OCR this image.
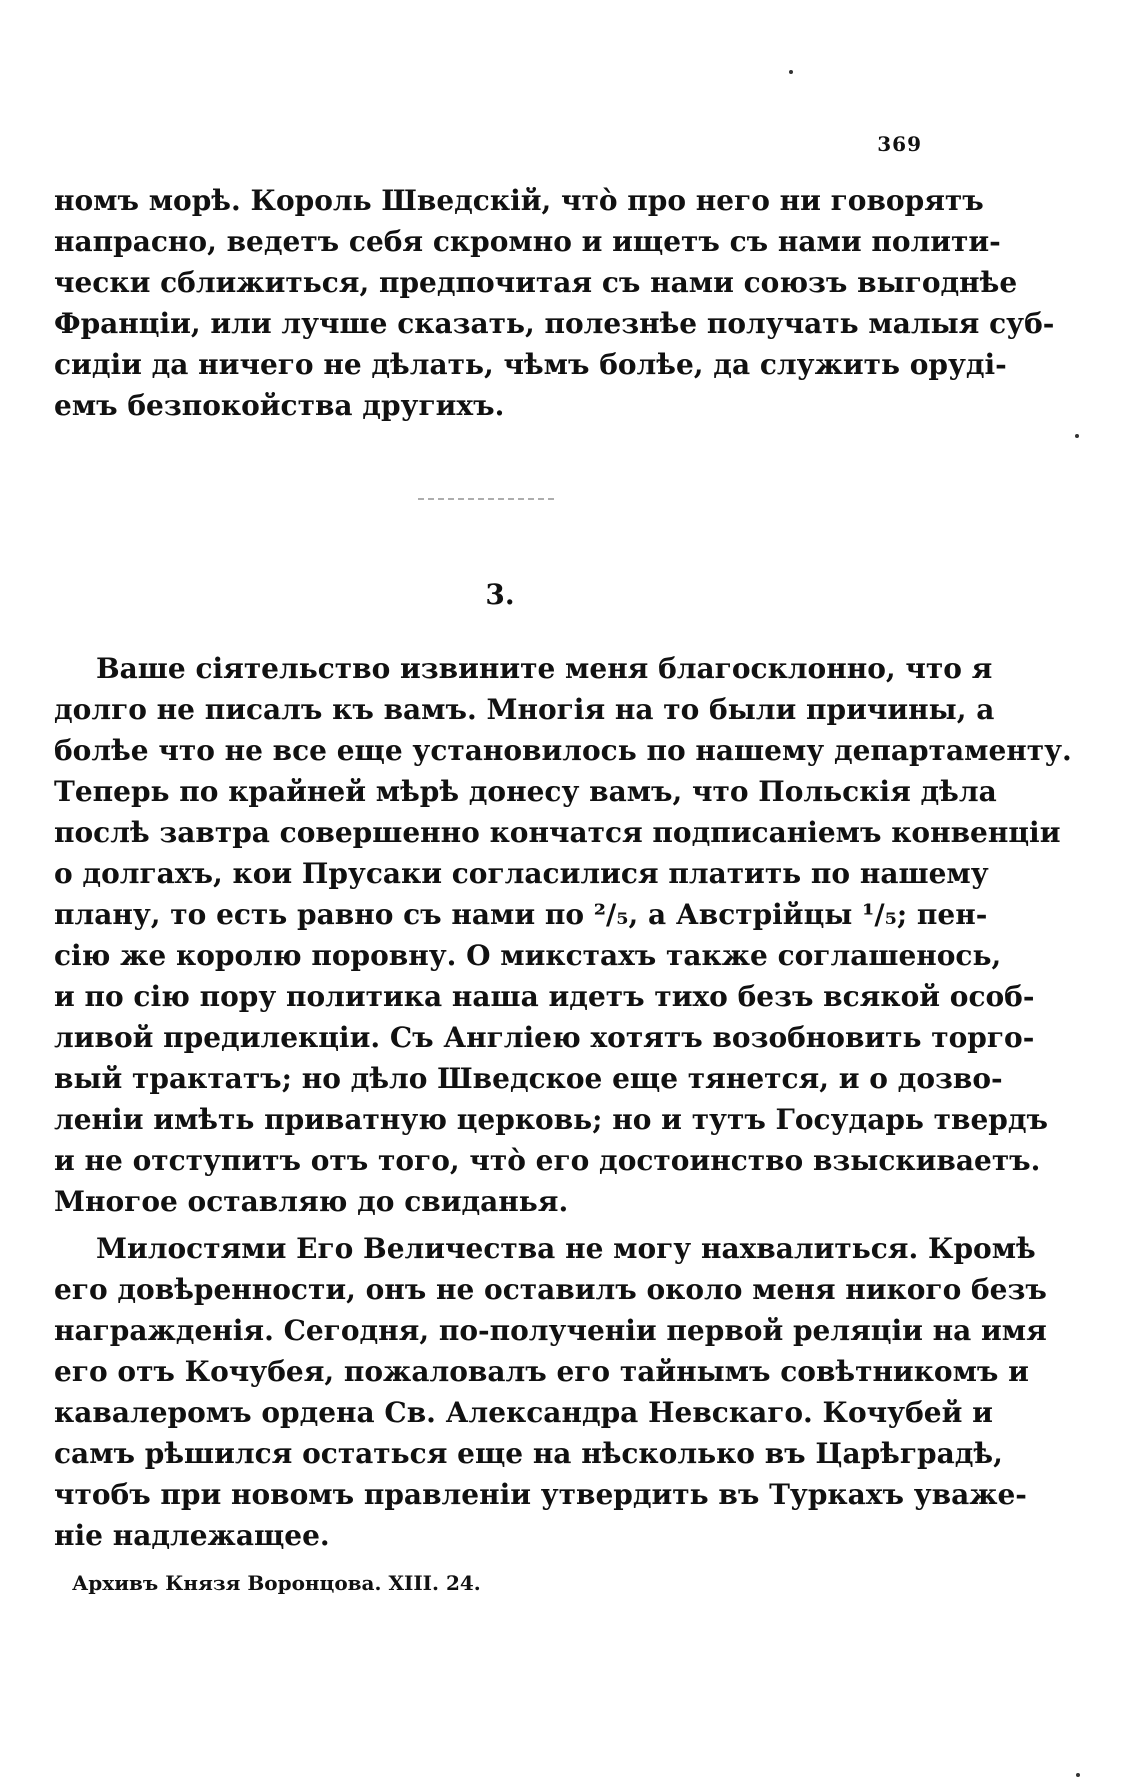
369
номъ морѣ. Король Шведскій, чтò про него ни говорятъ
напрасно, ведетъ себя скромно и ищетъ съ нами полити-
чески сближиться, предпочитая съ нами союзъ выгоднѣе
Франціи, или лучше сказать, полезнѣе получать малыя суб-
сидіи да ничего не дѣлать, чѣмъ болѣе, да служить оруді-
емъ безпокойства другихъ.
3.
Ваше сіятельство извините меня благосклонно, что я
долго не писалъ къ вамъ. Многія на то были причины, а
болѣе что не все еще установилось по нашему департаменту.
Теперь по крайней мѣрѣ донесу вамъ, что Польскія дѣла
послѣ завтра совершенно кончатся подписаніемъ конвенціи
о долгахъ, кои Прусаки согласилися платить по нашему
плану, то есть равно съ нами по ²/₅, а Австрійцы ¹/₅; пен-
сію же королю поровну. О микстахъ также соглашенось,
и по сію пору политика наша идетъ тихо безъ всякой особ-
ливой предилекціи. Съ Англіею хотятъ возобновить торго-
вый трактатъ; но дѣло Шведское еще тянется, и о дозво-
леніи имѣть приватную церковь; но и тутъ Государь твердъ
и не отступитъ отъ того, чтò его достоинство взыскиваетъ.
Многое оставляю до свиданья.
Милостями Его Величества не могу нахвалиться. Кромѣ
его довѣренности, онъ не оставилъ около меня никого безъ
награжденія. Сегодня, по-полученіи первой реляціи на имя
его отъ Кочубея, пожаловалъ его тайнымъ совѣтникомъ и
кавалеромъ ордена Св. Александра Невскаго. Кочубей и
самъ рѣшился остаться еще на нѣсколько въ Царѣградѣ,
чтобъ при новомъ правленіи утвердить въ Туркахъ уваже-
ніе надлежащее.
Архивъ Князя Воронцова. XIII. 24.
